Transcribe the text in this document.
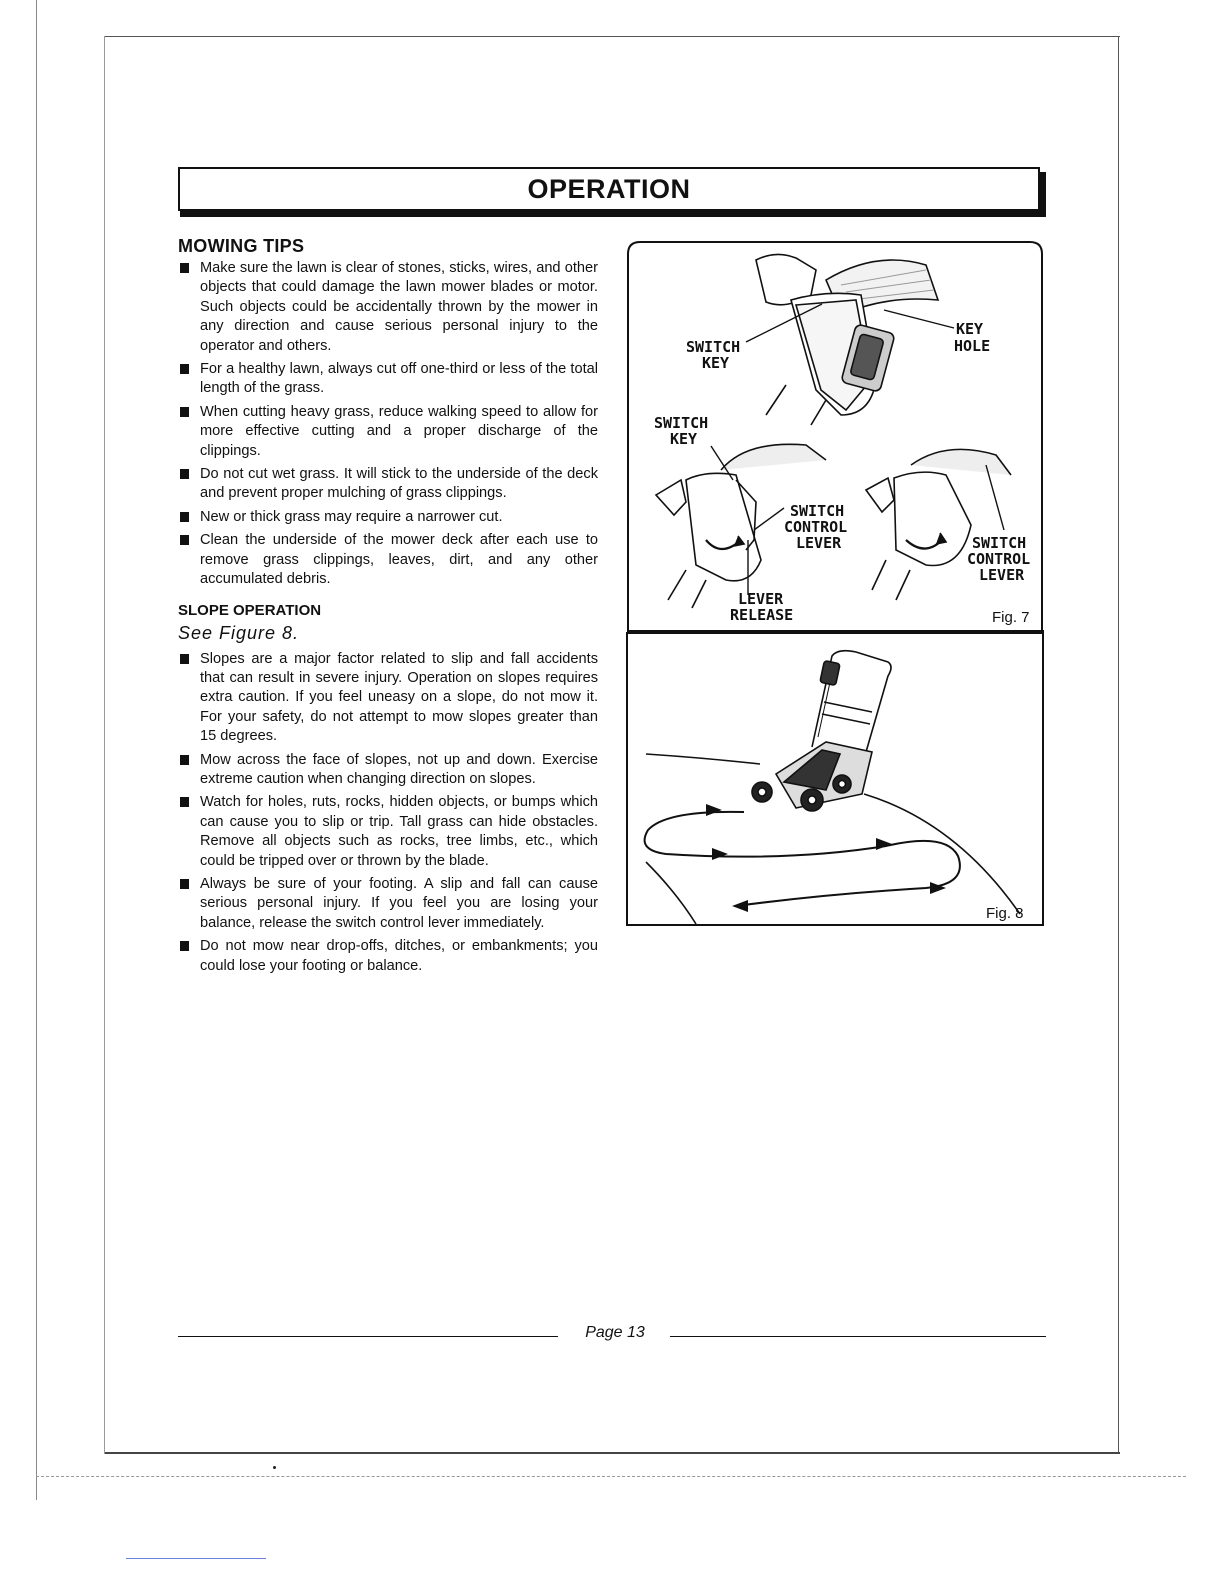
OPERATION
MOWING TIPS
Make sure the lawn is clear of stones, sticks, wires, and other objects that could damage the lawn mower blades or motor. Such objects could be accidentally thrown by the mower in any direction and cause serious personal injury to the operator and others.
For a healthy lawn, always cut off one-third or less of the total length of the grass.
When cutting heavy grass, reduce walking speed to allow for more effective cutting and a proper discharge of the clippings.
Do not cut wet grass. It will stick to the underside of the deck and prevent proper mulching of grass clippings.
New or thick grass may require a narrower cut.
Clean the underside of the mower deck after each use to remove grass clippings, leaves, dirt, and any other accumulated debris.
SLOPE OPERATION
See Figure 8.
Slopes are a major factor related to slip and fall accidents that can result in severe injury. Operation on slopes requires extra caution. If you feel uneasy on a slope, do not mow it. For your safety, do not attempt to mow slopes greater than 15 degrees.
Mow across the face of slopes, not up and down. Exercise extreme caution when changing direction on slopes.
Watch for holes, ruts, rocks, hidden objects, or bumps which can cause you to slip or trip. Tall grass can hide obstacles. Remove all objects such as rocks, tree limbs, etc., which could be tripped over or thrown by the blade.
Always be sure of your footing. A slip and fall can cause serious personal injury. If you feel you are losing your balance, release the switch control lever immediately.
Do not mow near drop-offs, ditches, or embankments; you could lose your footing or balance.
SWITCH
KEY
KEY
HOLE
SWITCH
KEY
SWITCH
CONTROL
LEVER
LEVER
RELEASE
SWITCH
CONTROL
LEVER
Fig. 7
Fig. 8
Page 13
